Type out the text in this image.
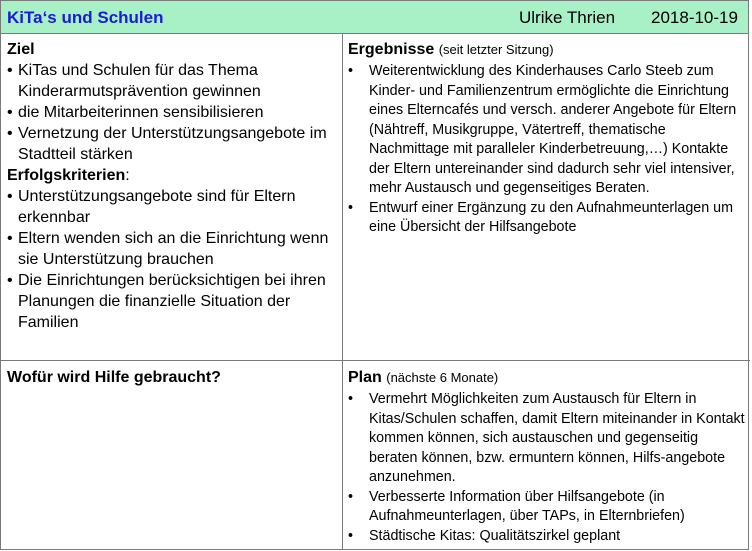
KiTa‘s und Schulen	Ulrike Thrien 2018-10-19
Ziel
• KiTas und Schulen für das Thema Kinderarmutsprävention gewinnen
• die Mitarbeiterinnen sensibilisieren
• Vernetzung der Unterstützungsangebote im Stadtteil stärken
Erfolgskriterien:
• Unterstützungsangebote sind für Eltern erkennbar
• Eltern wenden sich an die Einrichtung wenn sie Unterstützung brauchen
• Die Einrichtungen berücksichtigen bei ihren Planungen die finanzielle Situation der Familien
Ergebnisse (seit letzter Sitzung)
• Weiterentwicklung des Kinderhauses Carlo Steeb zum Kinder- und Familienzentrum ermöglichte die Einrichtung eines Elterncafés und versch. anderer Angebote für Eltern (Nähtreff, Musikgruppe, Vätertreff, thematische Nachmittage mit paralleler Kinderbetreuung,…) Kontakte der Eltern untereinander sind dadurch sehr viel intensiver, mehr Austausch und gegenseitiges Beraten.
• Entwurf einer Ergänzung zu den Aufnahmeunterlagen um eine Übersicht der Hilfsangebote
Wofür wird Hilfe gebraucht?	Plan (nächste 6 Monate)
• Vermehrt Möglichkeiten zum Austausch für Eltern in Kitas/Schulen schaffen, damit Eltern miteinander in Kontakt kommen können, sich austauschen und gegenseitig beraten können, bzw. ermuntern können, Hilfs-angebote anzunehmen.
• Verbesserte Information über Hilfsangebote (in Aufnahmeunterlagen, über TAPs, in Elternbriefen)
• Städtische Kitas: Qualitätszirkel geplant
